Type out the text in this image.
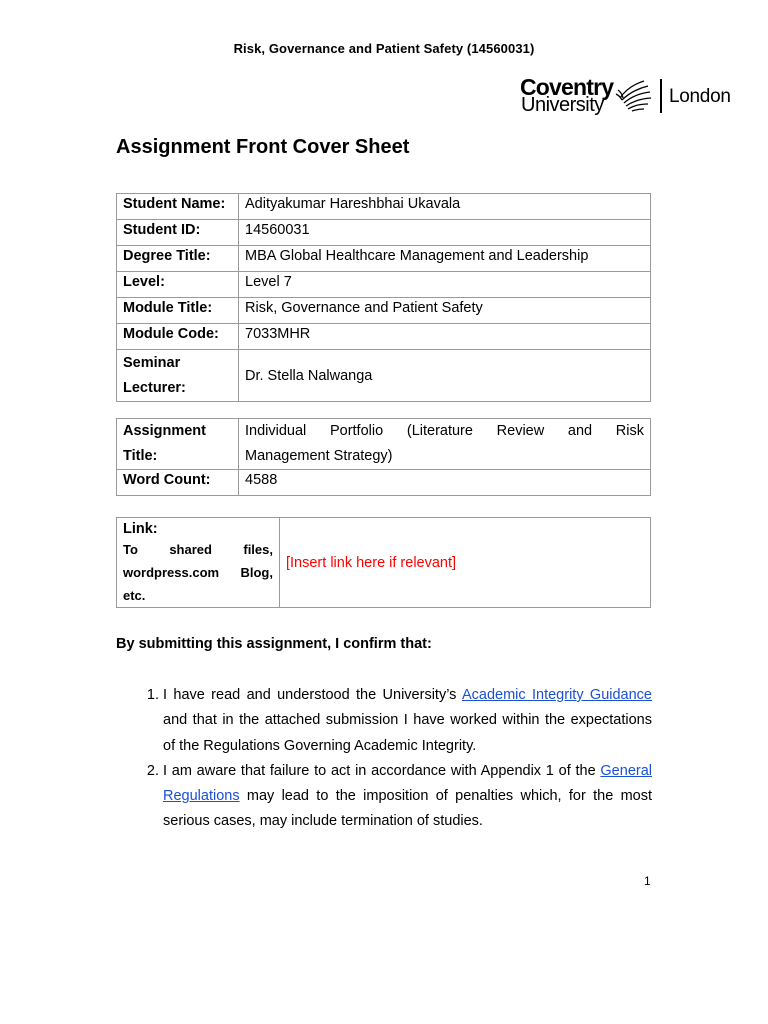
Risk, Governance and Patient Safety (14560031)
Coventry
University	London
Assignment Front Cover Sheet
Student Name:	Adityakumar Hareshbhai Ukavala
Student ID:	14560031
Degree Title:	MBA Global Healthcare Management and Leadership
Level:	Level 7
Module Title:	Risk, Governance and Patient Safety
Module Code:	7033MHR
Seminar
Lecturer:	Dr. Stella Nalwanga
Assignment
Title:	Individual Portfolio (Literature Review and Risk
Management Strategy)
Word Count:	4588
Link:
To shared files,
wordpress.com Blog,
etc.
	[Insert link here if relevant]
By submitting this assignment, I confirm that:
1. I have read and understood the University’s Academic Integrity Guidance and that in the attached submission I have worked within the expectations of the Regulations Governing Academic Integrity.
2. I am aware that failure to act in accordance with Appendix 1 of the General Regulations may lead to the imposition of penalties which, for the most serious cases, may include termination of studies.
1
